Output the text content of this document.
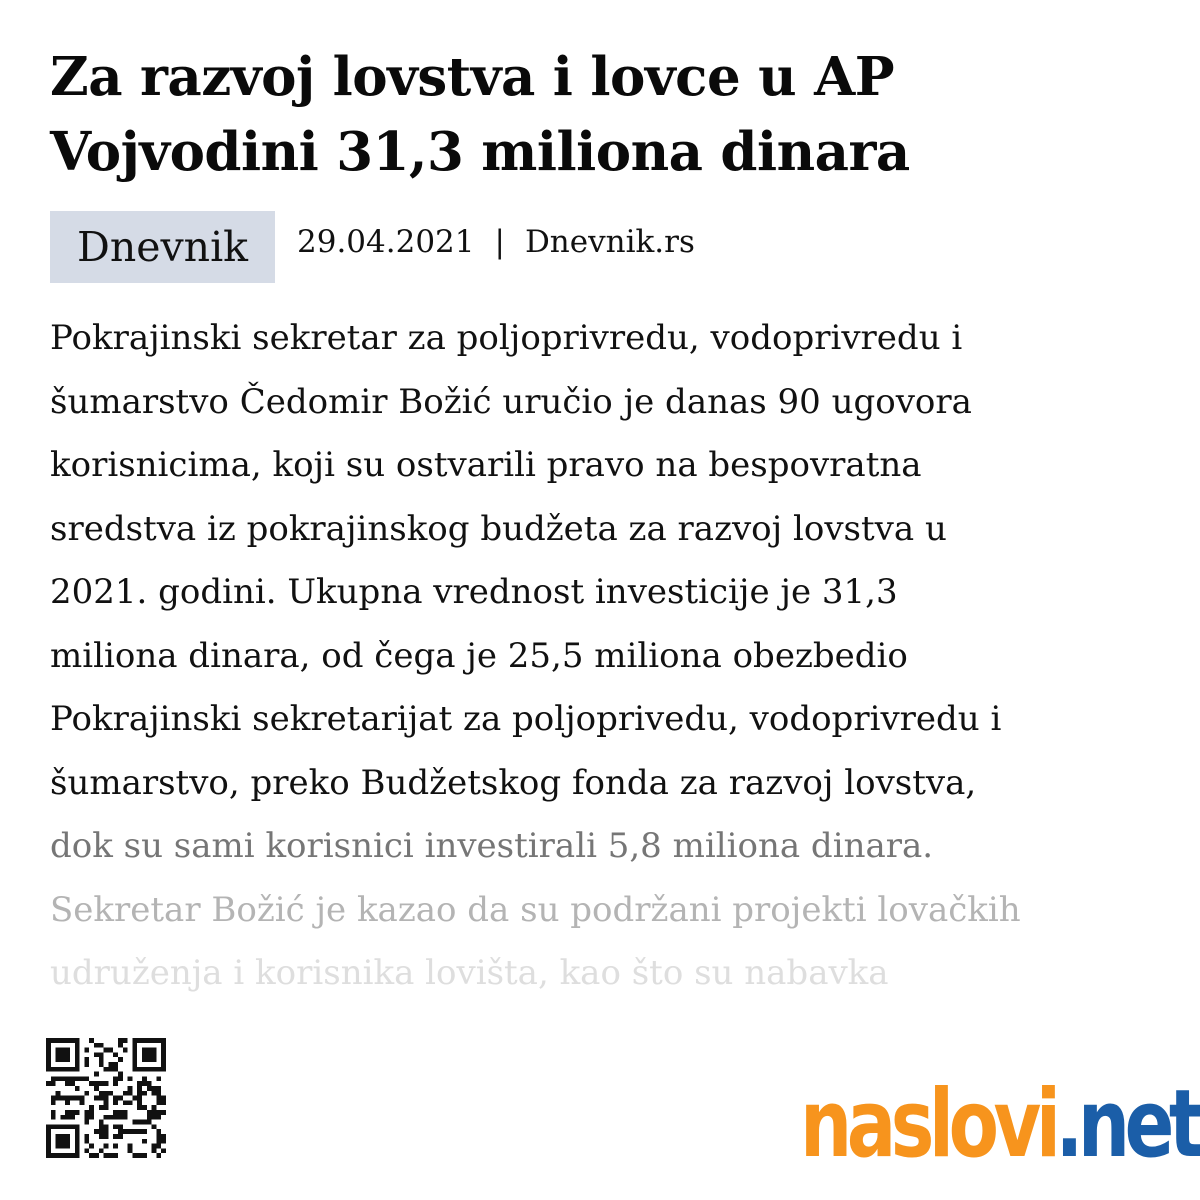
Za razvoj lovstva i lovce u AP Vojvodini 31,3 miliona dinara
Dnevnik	29.04.2021 | Dnevnik.rs
Pokrajinski sekretar za poljoprivredu, vodoprivredu i
šumarstvo Čedomir Božić uručio je danas 90 ugovora
korisnicima, koji su ostvarili pravo na bespovratna
sredstva iz pokrajinskog budžeta za razvoj lovstva u
2021. godini. Ukupna vrednost investicije je 31,3
miliona dinara, od čega je 25,5 miliona obezbedio
Pokrajinski sekretarijat za poljoprivedu, vodoprivredu i
šumarstvo, preko Budžetskog fonda za razvoj lovstva,
dok su sami korisnici investirali 5,8 miliona dinara.
Sekretar Božić je kazao da su podržani projekti lovačkih
udruženja i korisnika lovišta, kao što su nabavka
naslovi .net
